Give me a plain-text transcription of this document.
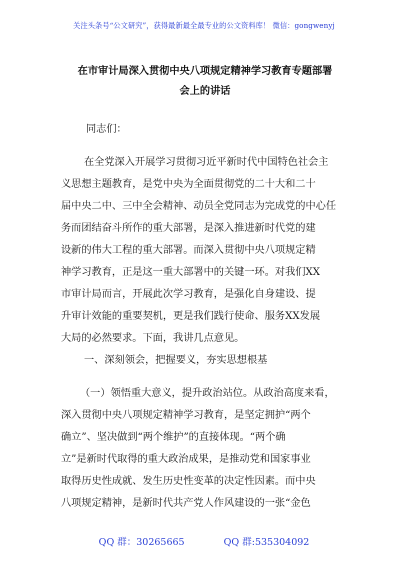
关注头条号“公文研究”，获得最新最全最专业的公文资料库！ 微信：gongwenyj
在市审计局深入贯彻中央八项规定精神学习教育专题部署
会上的讲话
同志们：
在全党深入开展学习贯彻习近平新时代中国特色社会主
义思想主题教育，是党中央为全面贯彻党的二十大和二十
届中央二中、三中全会精神、动员全党同志为完成党的中心任
务而团结奋斗所作的重大部署，是深入推进新时代党的建
设新的伟大工程的重大部署。而深入贯彻中央八项规定精
神学习教育，正是这一重大部署中的关键一环。对我们XX
市审计局而言，开展此次学习教育，是强化自身建设、提
升审计效能的重要契机，更是我们践行使命、服务XX发展
大局的必然要求。下面，我讲几点意见。
一、深刻领会，把握要义，夯实思想根基
（一）领悟重大意义，提升政治站位。从政治高度来看，
深入贯彻中央八项规定精神学习教育，是坚定拥护“两个
确立”、坚决做到“两个维护”的直接体现。“两个确
立”是新时代取得的重大政治成果，是推动党和国家事业
取得历史性成就、发生历史性变革的决定性因素。而中央
八项规定精神，是新时代共产党人作风建设的一张“金色
QQ 群：30265665	QQ 群:535304092
